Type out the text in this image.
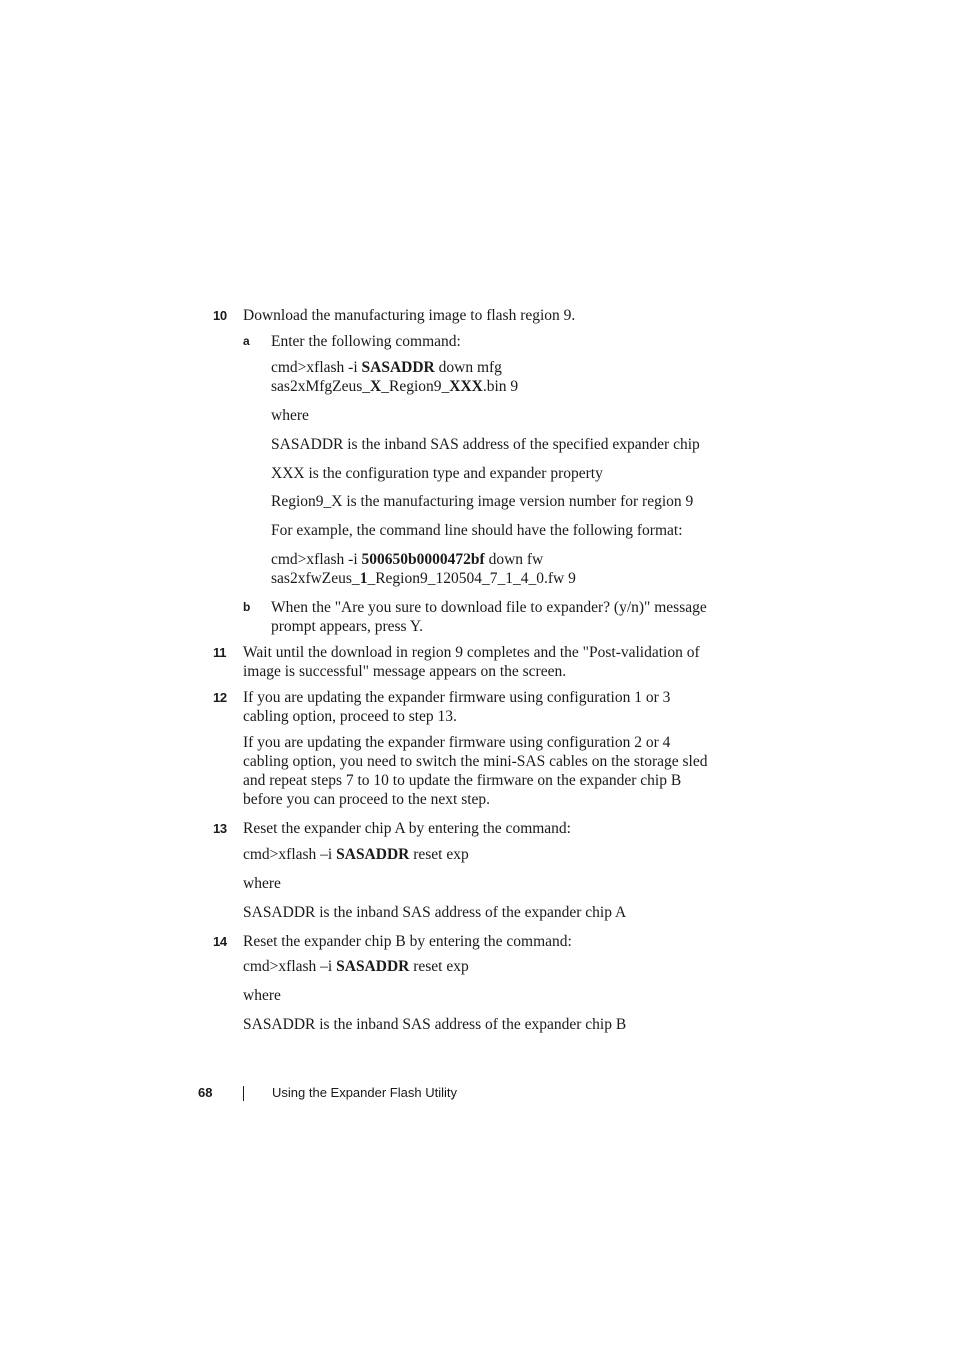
10 Download the manufacturing image to flash region 9.
a Enter the following command:
cmd>xflash -i SASADDR down mfg
sas2xMfgZeus_X_Region9_XXX.bin 9
where
SASADDR is the inband SAS address of the specified expander chip
XXX is the configuration type and expander property
Region9_X is the manufacturing image version number for region 9
For example, the command line should have the following format:
cmd>xflash -i 500650b0000472bf down fw
sas2xfwZeus_1_Region9_120504_7_1_4_0.fw 9
b When the "Are you sure to download file to expander? (y/n)" message
prompt appears, press Y.
11 Wait until the download in region 9 completes and the "Post-validation of
image is successful" message appears on the screen.
12 If you are updating the expander firmware using configuration 1 or 3
cabling option, proceed to step 13.
If you are updating the expander firmware using configuration 2 or 4
cabling option, you need to switch the mini-SAS cables on the storage sled
and repeat steps 7 to 10 to update the firmware on the expander chip B
before you can proceed to the next step.
13 Reset the expander chip A by entering the command:
cmd>xflash –i SASADDR reset exp
where
SASADDR is the inband SAS address of the expander chip A
14 Reset the expander chip B by entering the command:
cmd>xflash –i SASADDR reset exp
where
SASADDR is the inband SAS address of the expander chip B
68	Using the Expander Flash Utility
